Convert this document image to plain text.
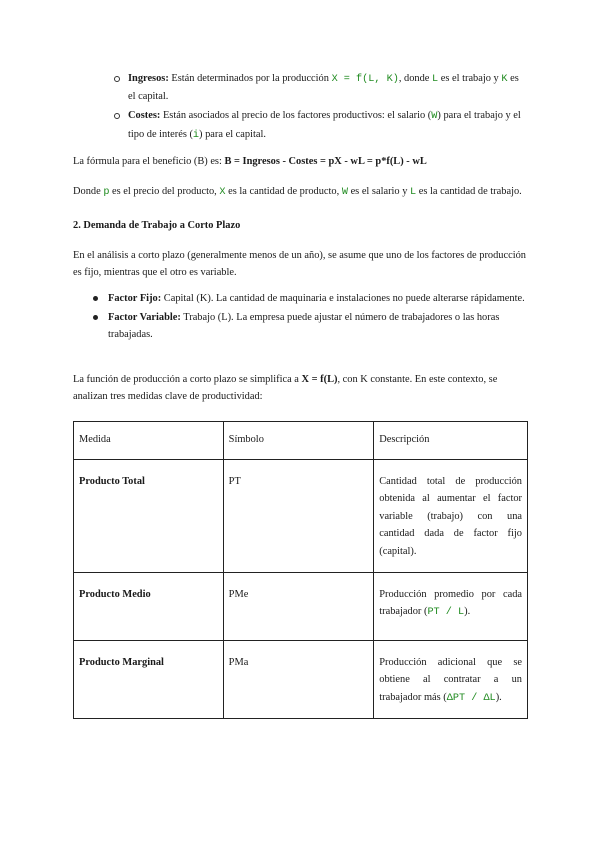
Ingresos: Están determinados por la producción X = f(L, K), donde L es el trabajo y K es el capital.
Costes: Están asociados al precio de los factores productivos: el salario (W) para el trabajo y el tipo de interés (i) para el capital.

La fórmula para el beneficio (B) es: B = Ingresos - Costes = pX - wL = p*f(L) - wL

Donde p es el precio del producto, X es la cantidad de producto, W es el salario y L es la cantidad de trabajo.

2. Demanda de Trabajo a Corto Plazo

En el análisis a corto plazo (generalmente menos de un año), se asume que uno de los factores de producción es fijo, mientras que el otro es variable.

Factor Fijo: Capital (K). La cantidad de maquinaria e instalaciones no puede alterarse rápidamente.
Factor Variable: Trabajo (L). La empresa puede ajustar el número de trabajadores o las horas trabajadas.

La función de producción a corto plazo se simplifica a X = f(L), con K constante. En este contexto, se

analizan tres medidas clave de productividad:

Medida	Símbolo	Descripción
Producto Total	PT	Cantidad total de producción obtenida al aumentar el factor variable (trabajo) con una cantidad dada de factor fijo (capital).
Producto Medio	PMe	Producción promedio por cada trabajador (PT / L).
Producto Marginal	PMa	Producción adicional que se obtiene al contratar a un trabajador más (ΔPT / ΔL).
